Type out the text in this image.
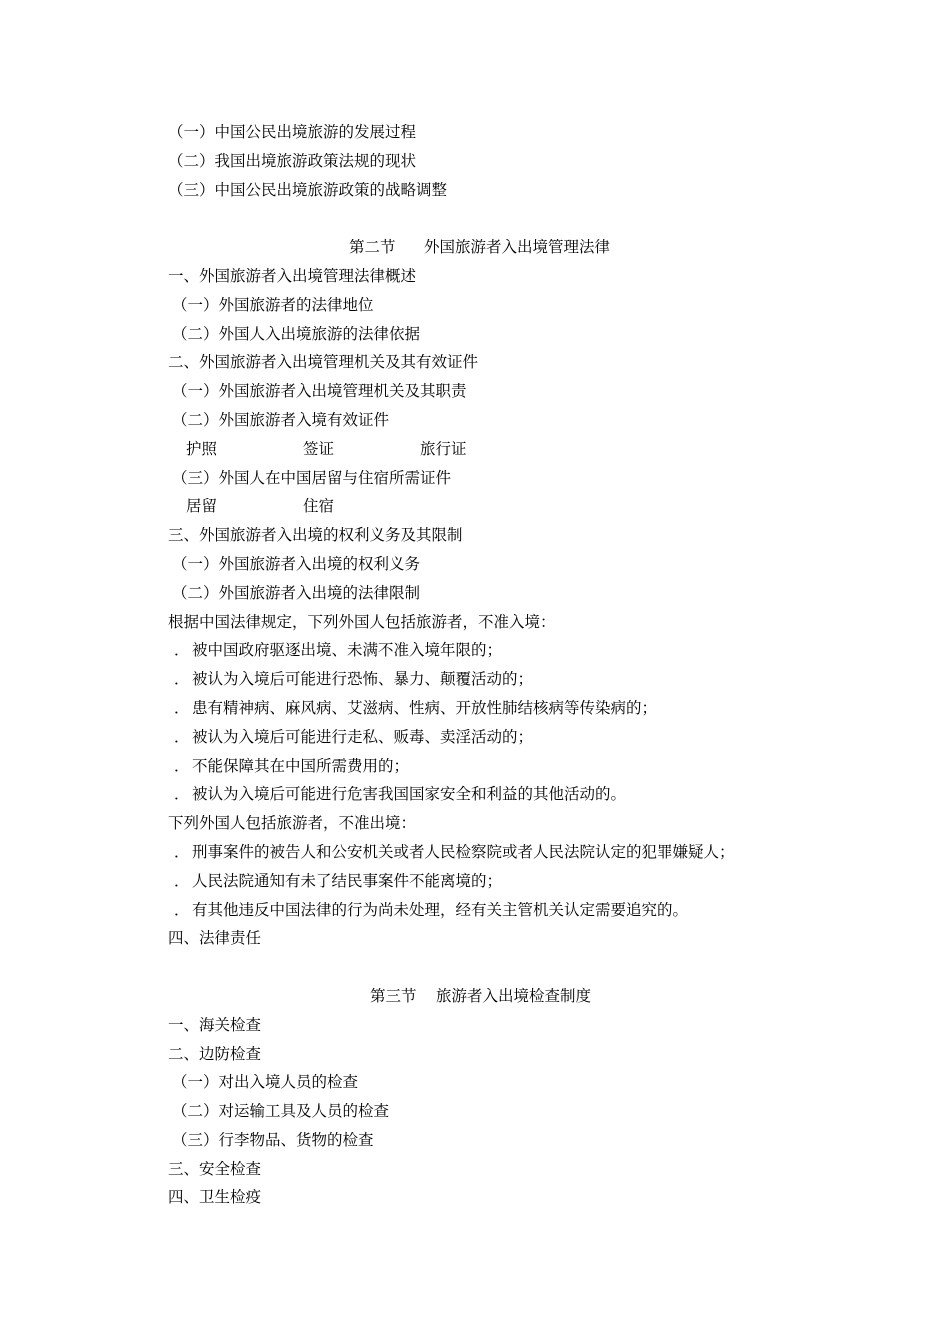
（一）中国公民出境旅游的发展过程
（二）我国出境旅游政策法规的现状
（三）中国公民出境旅游政策的战略调整
第二节 外国旅游者入出境管理法律
一、外国旅游者入出境管理法律概述
（一）外国旅游者的法律地位
（二）外国人入出境旅游的法律依据
二、外国旅游者入出境管理机关及其有效证件
（一）外国旅游者入出境管理机关及其职责
（二）外国旅游者入境有效证件
护照	签证	旅行证
（三）外国人在中国居留与住宿所需证件
居留	住宿
三、外国旅游者入出境的权利义务及其限制
（一）外国旅游者入出境的权利义务
（二）外国旅游者入出境的法律限制
根据中国法律规定，下列外国人包括旅游者，不准入境：
． 被中国政府驱逐出境、未满不准入境年限的；
． 被认为入境后可能进行恐怖、暴力、颠覆活动的；
． 患有精神病、麻风病、艾滋病、性病、开放性肺结核病等传染病的；
． 被认为入境后可能进行走私、贩毒、卖淫活动的；
． 不能保障其在中国所需费用的；
． 被认为入境后可能进行危害我国国家安全和利益的其他活动的。
下列外国人包括旅游者，不准出境：
． 刑事案件的被告人和公安机关或者人民检察院或者人民法院认定的犯罪嫌疑人；
． 人民法院通知有未了结民事案件不能离境的；
． 有其他违反中国法律的行为尚未处理，经有关主管机关认定需要追究的。
四、法律责任
第三节 旅游者入出境检查制度
一、海关检查
二、边防检查
（一）对出入境人员的检查
（二）对运输工具及人员的检查
（三）行李物品、货物的检查
三、安全检查
四、卫生检疫
